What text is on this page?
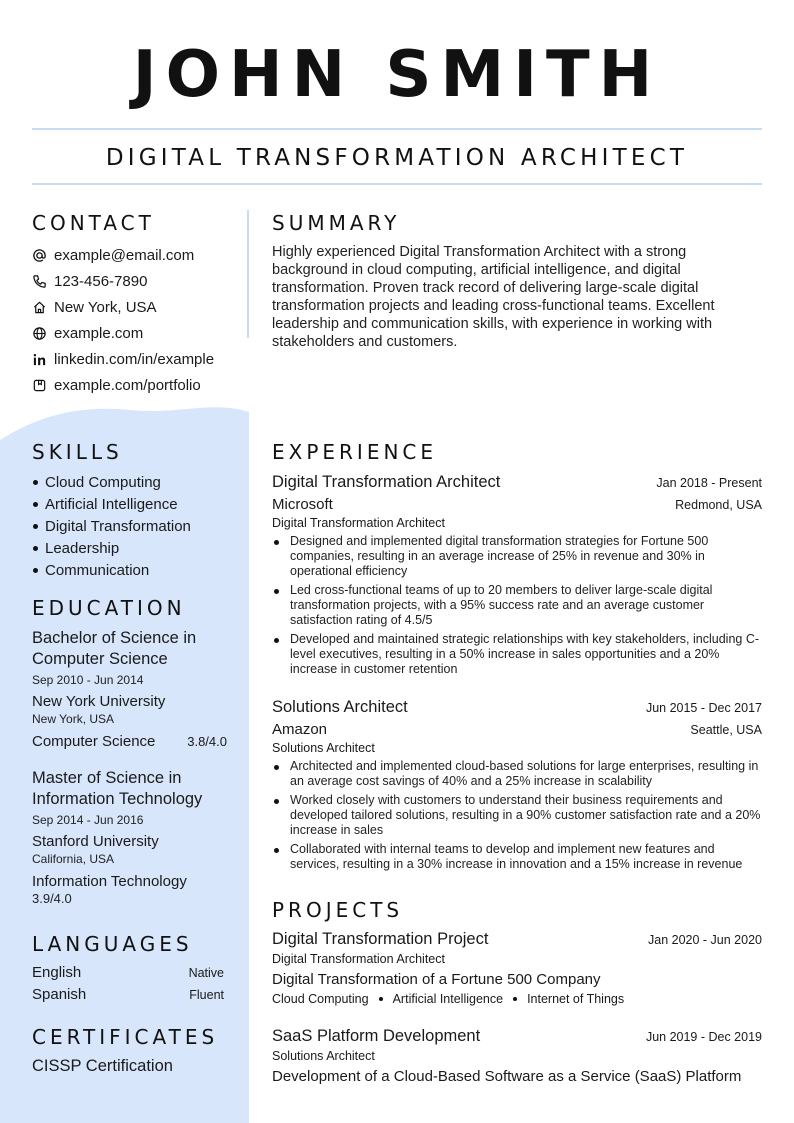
JOHN SMITH
DIGITAL TRANSFORMATION ARCHITECT
CONTACT
example@email.com
123-456-7890
New York, USA
example.com
linkedin.com/in/example
example.com/portfolio
SUMMARY
Highly experienced Digital Transformation Architect with a strong background in cloud computing, artificial intelligence, and digital transformation. Proven track record of delivering large-scale digital transformation projects and leading cross-functional teams. Excellent leadership and communication skills, with experience in working with stakeholders and customers.
SKILLS
Cloud Computing
Artificial Intelligence
Digital Transformation
Leadership
Communication
EDUCATION
Bachelor of Science in Computer Science
Sep 2010 - Jun 2014
New York University
New York, USA
Computer Science 3.8/4.0
Master of Science in Information Technology
Sep 2014 - Jun 2016
Stanford University
California, USA
Information Technology
3.9/4.0
LANGUAGES
English	Native
Spanish	Fluent
CERTIFICATES
CISSP Certification
EXPERIENCE
Digital Transformation Architect	Jan 2018 - Present
Microsoft	Redmond, USA
Digital Transformation Architect
Designed and implemented digital transformation strategies for Fortune 500 companies, resulting in an average increase of 25% in revenue and 30% in operational efficiency
Led cross-functional teams of up to 20 members to deliver large-scale digital transformation projects, with a 95% success rate and an average customer satisfaction rating of 4.5/5
Developed and maintained strategic relationships with key stakeholders, including C-level executives, resulting in a 50% increase in sales opportunities and a 20% increase in customer retention
Solutions Architect	Jun 2015 - Dec 2017
Amazon	Seattle, USA
Solutions Architect
Architected and implemented cloud-based solutions for large enterprises, resulting in an average cost savings of 40% and a 25% increase in scalability
Worked closely with customers to understand their business requirements and developed tailored solutions, resulting in a 90% customer satisfaction rate and a 20% increase in sales
Collaborated with internal teams to develop and implement new features and services, resulting in a 30% increase in innovation and a 15% increase in revenue
PROJECTS
Digital Transformation Project	Jan 2020 - Jun 2020
Digital Transformation Architect
Digital Transformation of a Fortune 500 Company
Cloud Computing Artificial Intelligence Internet of Things
SaaS Platform Development	Jun 2019 - Dec 2019
Solutions Architect
Development of a Cloud-Based Software as a Service (SaaS) Platform
